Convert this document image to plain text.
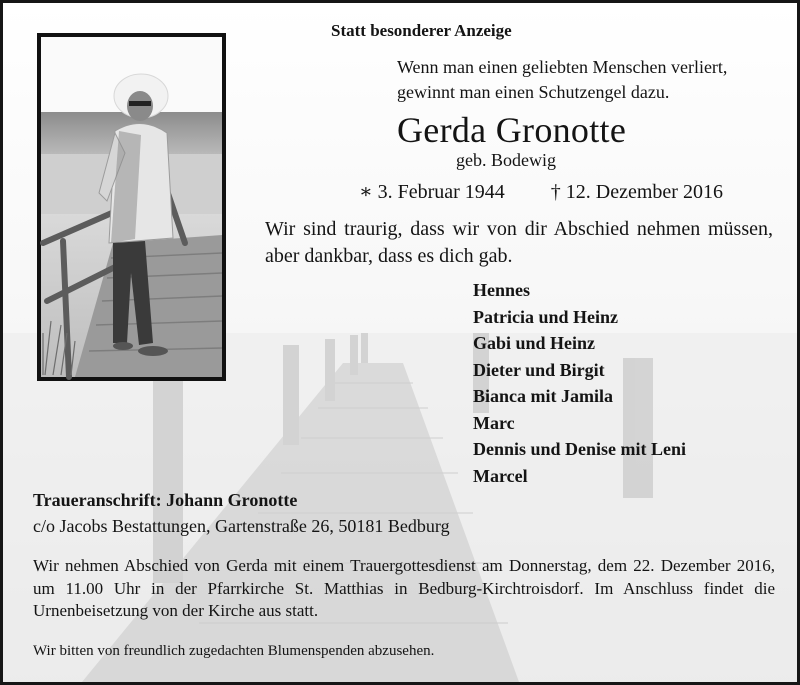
Statt besonderer Anzeige
Wenn man einen geliebten Menschen verliert,
gewinnt man einen Schutzengel dazu.
Gerda Gronotte
geb. Bodewig
∗ 3. Februar 1944 † 12. Dezember 2016
Wir sind traurig, dass wir von dir Abschied nehmen müssen, aber dankbar, dass es dich gab.
Hennes
Patricia und Heinz
Gabi und Heinz
Dieter und Birgit
Bianca mit Jamila
Marc
Dennis und Denise mit Leni
Marcel
Traueranschrift: Johann Gronotte
c/o Jacobs Bestattungen, Gartenstraße 26, 50181 Bedburg
Wir nehmen Abschied von Gerda mit einem Trauergottesdienst am Donnerstag, dem 22. Dezember 2016, um 11.00 Uhr in der Pfarrkirche St. Matthias in Bedburg-Kirchtroisdorf. Im Anschluss findet die Urnenbeisetzung von der Kirche aus statt.
Wir bitten von freundlich zugedachten Blumenspenden abzusehen.
